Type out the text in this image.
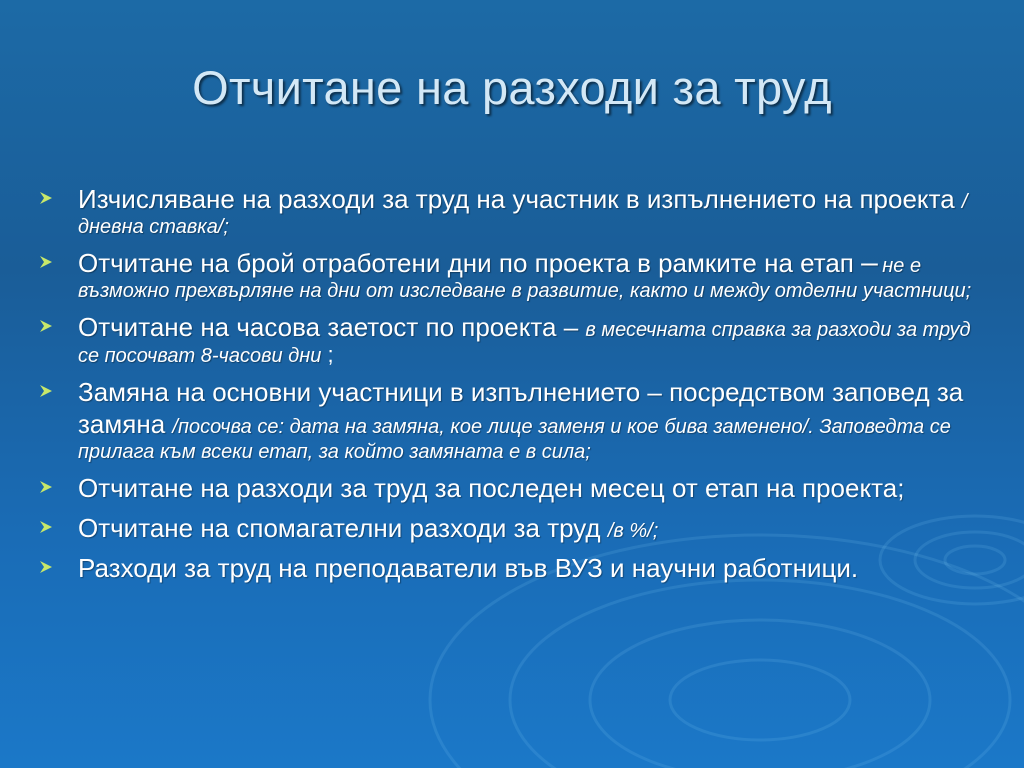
Отчитане на разходи за труд
Изчисляване на разходи за труд на участник в изпълнението на проекта /дневна ставка/;
Отчитане на брой отработени дни по проекта в рамките на етап – не е възможно прехвърляне на дни от изследване в развитие, както и между отделни участници;
Отчитане на часова заетост по проекта – в месечната справка за разходи за труд се посочват 8-часови дни ;
Замяна на основни участници в изпълнението – посредством заповед за замяна /посочва се: дата на замяна, кое лице заменя и кое бива заменено/. Заповедта се прилага към всеки етап, за който замяната е в сила;
Отчитане на разходи за труд за последен месец от етап на проекта;
Отчитане на спомагателни разходи за труд /в %/;
Разходи за труд на преподаватели във ВУЗ и научни работници.
